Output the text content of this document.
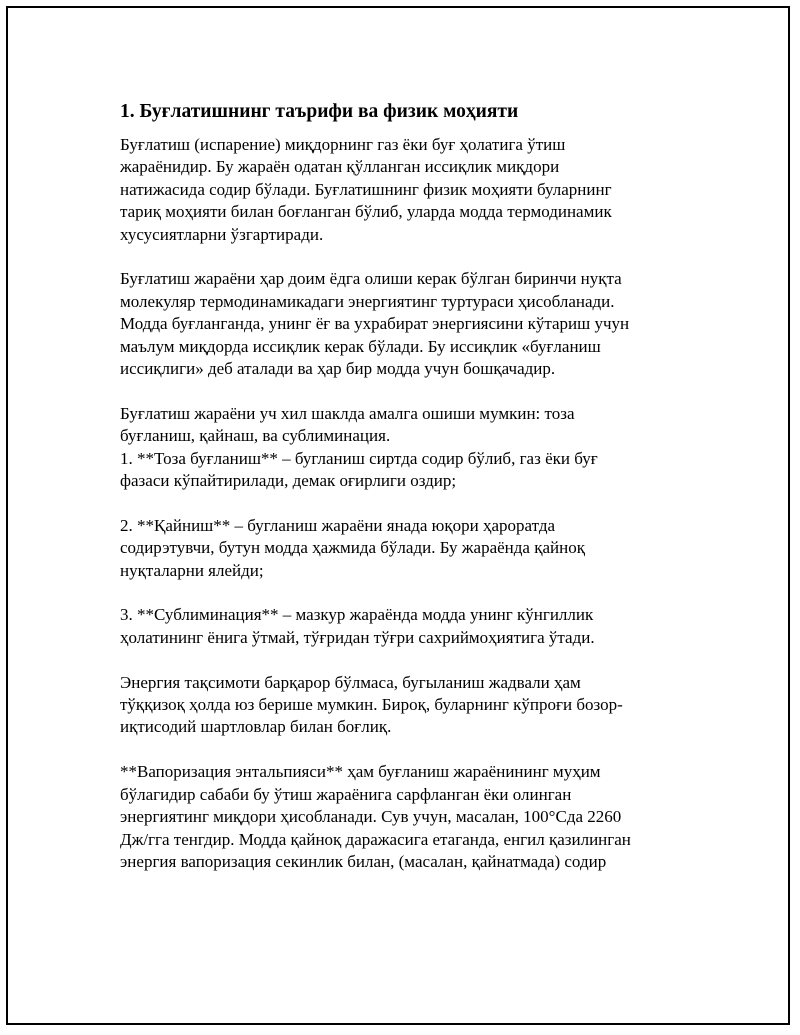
1. Буғлатишнинг таърифи ва физик моҳияти
Буғлатиш (испарение) миқдорнинг газ ёки буғ ҳолатига ўтиш
жараёнидир. Бу жараён одатан қўлланган иссиқлик миқдори
натижасида содир бўлади. Буғлатишнинг физик моҳияти буларнинг
тариқ моҳияти билан боғланган бўлиб, уларда модда термодинамик
хусусиятларни ўзгартиради.
Буғлатиш жараёни ҳар доим ёдга олиши керак бўлган биринчи нуқта
молекуляр термодинамикадаги энергиятинг туртураси ҳисобланади.
Модда буғланганда, унинг ёғ ва ухрабират энергиясини кўтариш учун
маълум миқдорда иссиқлик керак бўлади. Бу иссиқлик «буғланиш
иссиқлиги» деб аталади ва ҳар бир модда учун бошқачадир.
Буғлатиш жараёни уч хил шаклда амалга ошиши мумкин: тоза
буғланиш, қайнаш, ва сублиминация.
1. **Тоза буғланиш** – бугланиш сиртда содир бўлиб, газ ёки буғ
фазаси кўпайтирилади, демак оғирлиги оздир;
2. **Қайниш** – бугланиш жараёни янада юқори ҳароратда
содирэтувчи, бутун модда ҳажмида бўлади. Бу жараёнда қайноқ
нуқталарни ялейди;
3. **Сублиминация** – мазкур жараёнда модда унинг кўнгиллик
ҳолатининг ёнига ўтмай, тўғридан тўғри сахриймоҳиятига ўтади.
Энергия тақсимоти барқарор бўлмаса, бугыланиш жадвали ҳам
тўққизоқ ҳолда юз берише мумкин. Бироқ, буларнинг кўпроғи бозор-
иқтисодий шартловлар билан боғлиқ.
**Вапоризация энтальпияси** ҳам буғланиш жараёнининг муҳим
бўлагидир сабаби бу ўтиш жараёнига сарфланган ёки олинган
энергиятинг миқдори ҳисобланади. Сув учун, масалан, 100°Сда 2260
Дж/гга тенгдир. Модда қайноқ даражасига етаганда, енгил қазилинган
энергия вапоризация секинлик билан, (масалан, қайнатмада) содир
